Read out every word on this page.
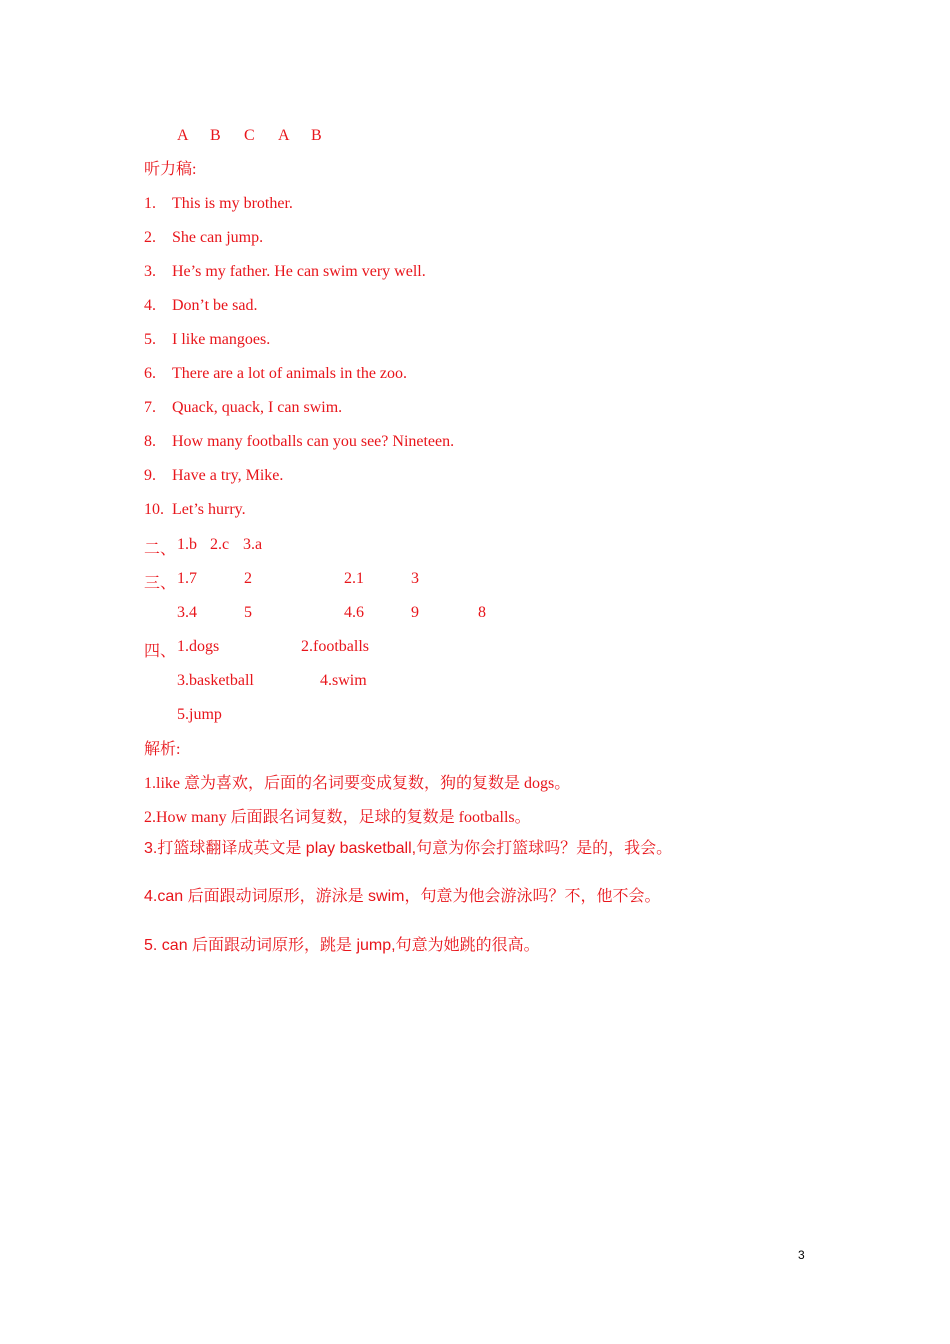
A B C A B
听力稿:
1. This is my brother.
2. She can jump.
3. He’s my father. He can swim very well.
4. Don’t be sad.
5. I like mangoes.
6. There are a lot of animals in the zoo.
7. Quack, quack, I can swim.
8. How many footballs can you see? Nineteen.
9. Have a try, Mike.
10. Let’s hurry.
二、 1.b 2.c 3.a
三、 1.7	2	2.1	3
3.4	5	4.6	9	8
四、 1.dogs	2.footballs
3.basketball	4.swim
5.jump
解析:
1.like 意为喜欢，后面的名词要变成复数，狗的复数是 dogs。
2.How many 后面跟名词复数，足球的复数是 footballs。
3.打篮球翻译成英文是 play basketball,句意为你会打篮球吗？是的，我会。
4.can 后面跟动词原形，游泳是 swim，句意为他会游泳吗？不，他不会。
5. can 后面跟动词原形，跳是 jump,句意为她跳的很高。
3
